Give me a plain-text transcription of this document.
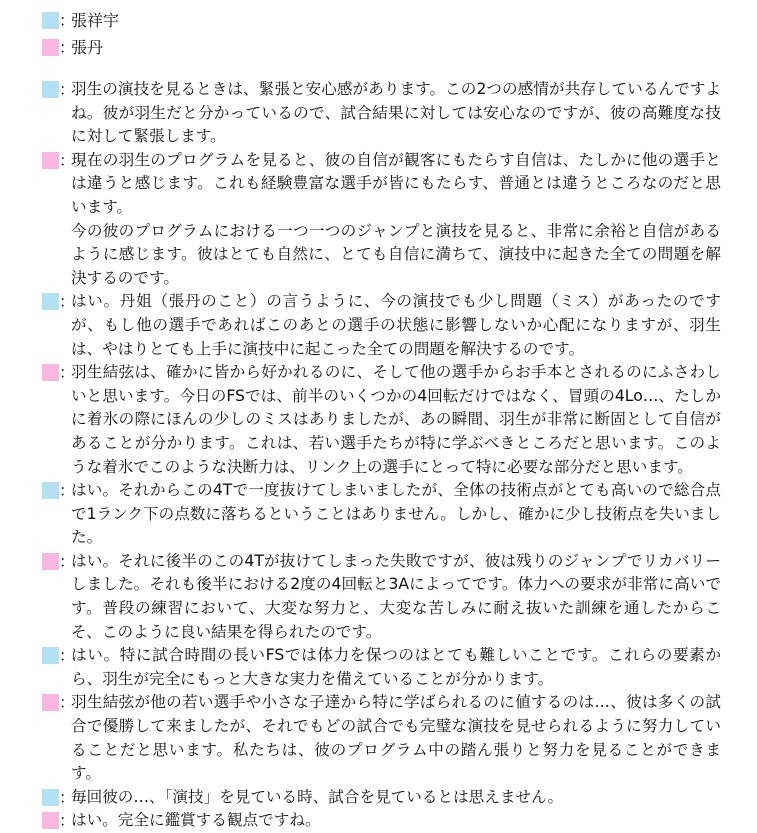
：
張祥宇
：
張丹
：

羽生の演技を見るときは、緊張と安心感があります。この2つの感情が共存しているんですよね。彼が羽生だと分かっているので、試合結果に対しては安心なのですが、彼の高難度な技に対して緊張します。

：

現在の羽生のプログラムを見ると、彼の自信が観客にもたらす自信は、たしかに他の選手とは違うと感じます。これも経験豊富な選手が皆にもたらす、普通とは違うところなのだと思います。

今の彼のプログラムにおける一つ一つのジャンプと演技を見ると、非常に余裕と自信があるように感じます。彼はとても自然に、とても自信に満ちて、演技中に起きた全ての問題を解決するのです。

：

はい。丹姐（張丹のこと）の言うように、今の演技でも少し問題（ミス）があったのですが、もし他の選手であればこのあとの選手の状態に影響しないか心配になりますが、羽生は、やはりとても上手に演技中に起こった全ての問題を解決するのです。

：

羽生結弦は、確かに皆から好かれるのに、そして他の選手からお手本とされるのにふさわしいと思います。今日のFSでは、前半のいくつかの4回転だけではなく、冒頭の4Lo…、たしかに着氷の際にほんの少しのミスはありましたが、あの瞬間、羽生が非常に断固として自信があることが分かります。これは、若い選手たちが特に学ぶべきところだと思います。このような着氷でこのような決断力は、リンク上の選手にとって特に必要な部分だと思います。

：

はい。それからこの4Tで一度抜けてしまいましたが、全体の技術点がとても高いので総合点で1ランク下の点数に落ちるということはありません。しかし、確かに少し技術点を失いました。

：

はい。それに後半のこの4Tが抜けてしまった失敗ですが、彼は残りのジャンプでリカバリーしました。それも後半における2度の4回転と3Aによってです。体力への要求が非常に高いです。普段の練習において、大変な努力と、大変な苦しみに耐え抜いた訓練を通したからこそ、このように良い結果を得られたのです。

：

はい。特に試合時間の長いFSでは体力を保つのはとても難しいことです。これらの要素から、羽生が完全にもっと大きな実力を備えていることが分かります。

：

羽生結弦が他の若い選手や小さな子達から特に学ばられるのに値するのは…、彼は多くの試合で優勝して来ましたが、それでもどの試合でも完璧な演技を見せられるように努力していることだと思います。私たちは、彼のプログラム中の踏ん張りと努力を見ることができます。

：

毎回彼の…、「演技」を見ている時、試合を見ているとは思えません。

：

はい。完全に鑑賞する観点ですね。
